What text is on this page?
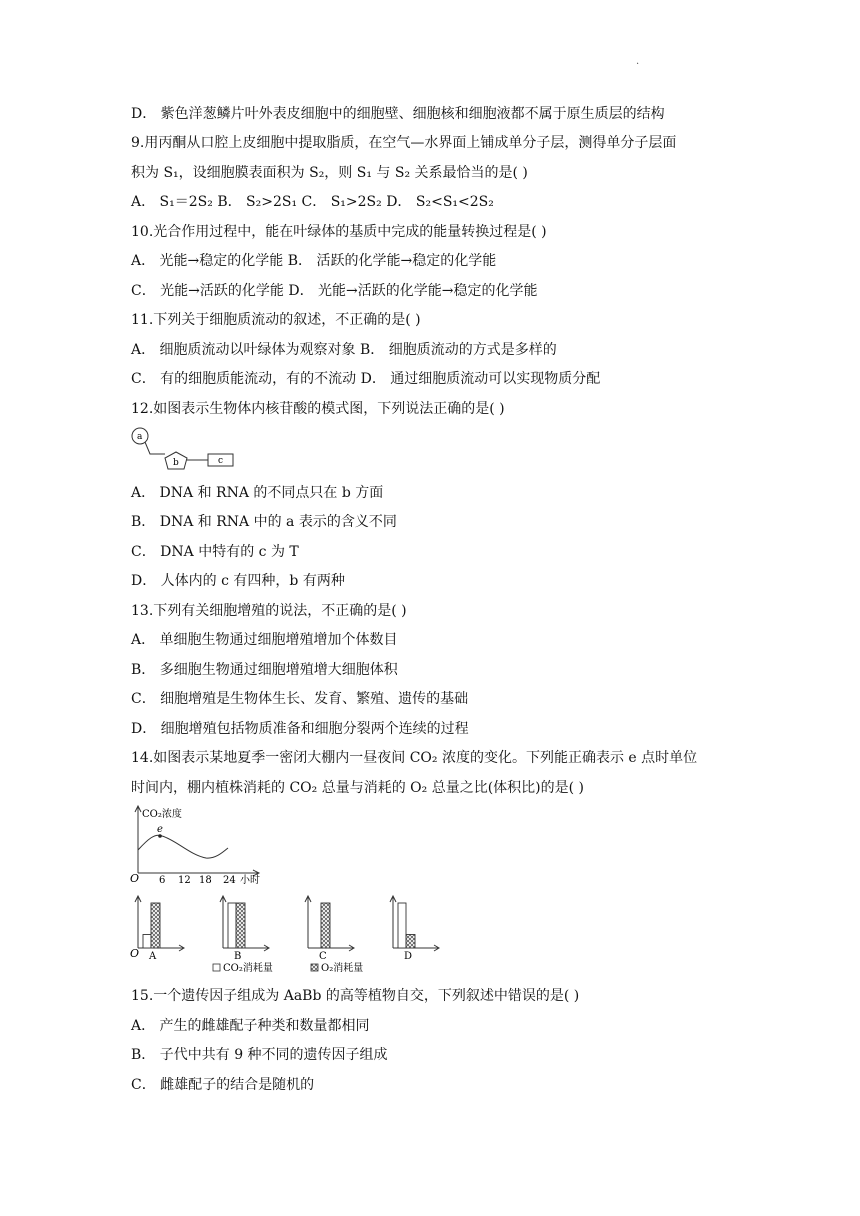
.
D． 紫色洋葱鳞片叶外表皮细胞中的细胞壁、细胞核和细胞液都不属于原生质层的结构
9.用丙酮从口腔上皮细胞中提取脂质，在空气—水界面上铺成单分子层，测得单分子层面
积为 S₁，设细胞膜表面积为 S₂，则 S₁ 与 S₂ 关系最恰当的是( )
A． S₁＝2S₂ B． S₂>2S₁ C． S₁>2S₂ D． S₂<S₁<2S₂
10.光合作用过程中，能在叶绿体的基质中完成的能量转换过程是( )
A． 光能→稳定的化学能 B． 活跃的化学能→稳定的化学能
C． 光能→活跃的化学能 D． 光能→活跃的化学能→稳定的化学能
11.下列关于细胞质流动的叙述，不正确的是( )
A． 细胞质流动以叶绿体为观察对象 B． 细胞质流动的方式是多样的
C． 有的细胞质能流动，有的不流动 D． 通过细胞质流动可以实现物质分配
12.如图表示生物体内核苷酸的模式图，下列说法正确的是( )
a
b	c
A． DNA 和 RNA 的不同点只在 b 方面
B． DNA 和 RNA 中的 a 表示的含义不同
C． DNA 中特有的 c 为 T
D． 人体内的 c 有四种，b 有两种
13.下列有关细胞增殖的说法，不正确的是( )
A． 单细胞生物通过细胞增殖增加个体数目
B． 多细胞生物通过细胞增殖增大细胞体积
C． 细胞增殖是生物体生长、发育、繁殖、遗传的基础
D． 细胞增殖包括物质准备和细胞分裂两个连续的过程
14.如图表示某地夏季一密闭大棚内一昼夜间 CO₂ 浓度的变化。下列能正确表示 e 点时单位
时间内，棚内植株消耗的 CO₂ 总量与消耗的 O₂ 总量之比(体积比)的是( )
CO₂浓度
e
O 6 12 18 24 小时
A	B	C	D
O
CO₂消耗量	O₂消耗量
15.一个遗传因子组成为 AaBb 的高等植物自交，下列叙述中错误的是( )
A． 产生的雌雄配子种类和数量都相同
B． 子代中共有 9 种不同的遗传因子组成
C． 雌雄配子的结合是随机的
